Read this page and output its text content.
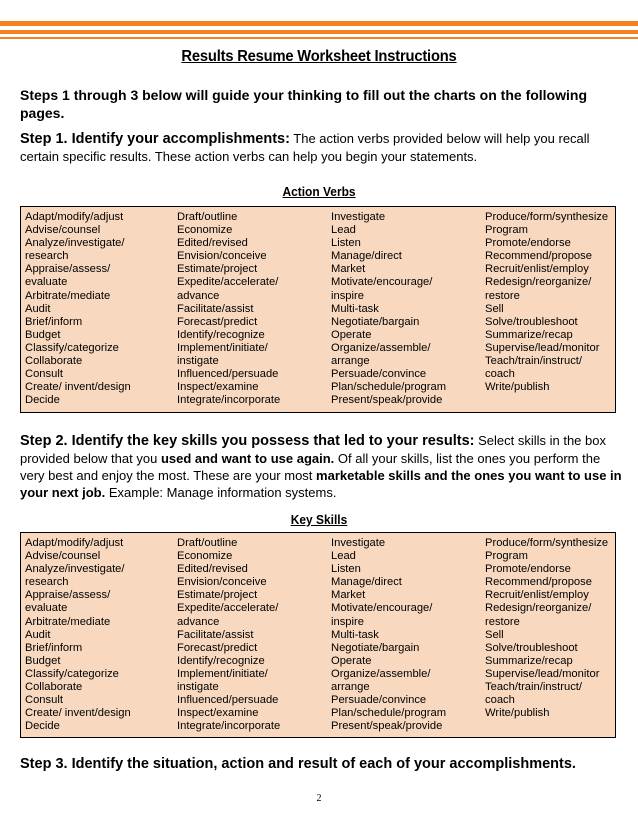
Results Resume Worksheet Instructions
Steps 1 through 3 below will guide your thinking to fill out the charts on the following pages.
Step 1. Identify your accomplishments: The action verbs provided below will help you recall certain specific results. These action verbs can help you begin your statements.
Action Verbs
Adapt/modify/adjust
Advise/counsel
Analyze/investigate/
research
Appraise/assess/
evaluate
Arbitrate/mediate
Audit
Brief/inform
Budget
Classify/categorize
Collaborate
Consult
Create/ invent/design
Decide
Draft/outline
Economize
Edited/revised
Envision/conceive
Estimate/project
Expedite/accelerate/
advance
Facilitate/assist
Forecast/predict
Identify/recognize
Implement/initiate/
instigate
Influenced/persuade
Inspect/examine
Integrate/incorporate
Investigate
Lead
Listen
Manage/direct
Market
Motivate/encourage/
inspire
Multi-task
Negotiate/bargain
Operate
Organize/assemble/
arrange
Persuade/convince
Plan/schedule/program
Present/speak/provide
Produce/form/synthesize
Program
Promote/endorse
Recommend/propose
Recruit/enlist/employ
Redesign/reorganize/
restore
Sell
Solve/troubleshoot
Summarize/recap
Supervise/lead/monitor
Teach/train/instruct/
coach
Write/publish
Step 2. Identify the key skills you possess that led to your results: Select skills in the box provided below that you used and want to use again. Of all your skills, list the ones you perform the very best and enjoy the most. These are your most marketable skills and the ones you want to use in your next job. Example: Manage information systems.
Key Skills
Adapt/modify/adjust
Advise/counsel
Analyze/investigate/
research
Appraise/assess/
evaluate
Arbitrate/mediate
Audit
Brief/inform
Budget
Classify/categorize
Collaborate
Consult
Create/ invent/design
Decide
Draft/outline
Economize
Edited/revised
Envision/conceive
Estimate/project
Expedite/accelerate/
advance
Facilitate/assist
Forecast/predict
Identify/recognize
Implement/initiate/
instigate
Influenced/persuade
Inspect/examine
Integrate/incorporate
Investigate
Lead
Listen
Manage/direct
Market
Motivate/encourage/
inspire
Multi-task
Negotiate/bargain
Operate
Organize/assemble/
arrange
Persuade/convince
Plan/schedule/program
Present/speak/provide
Produce/form/synthesize
Program
Promote/endorse
Recommend/propose
Recruit/enlist/employ
Redesign/reorganize/
restore
Sell
Solve/troubleshoot
Summarize/recap
Supervise/lead/monitor
Teach/train/instruct/
coach
Write/publish
Step 3. Identify the situation, action and result of each of your accomplishments.
2
